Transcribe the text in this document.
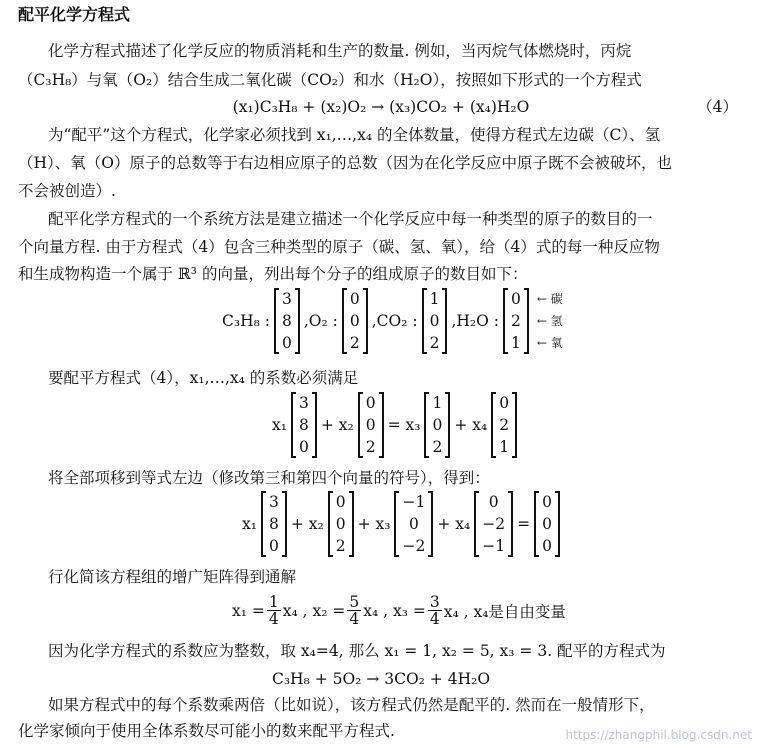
配平化学方程式
化学方程式描述了化学反应的物质消耗和生产的数量. 例如，当丙烷气体燃烧时，丙烷
（C₃H₈）与氧（O₂）结合生成二氧化碳（CO₂）和水（H₂O），按照如下形式的一个方程式
(x₁)C₃H₈ + (x₂)O₂ → (x₃)CO₂ + (x₄)H₂O	（4）
为“配平”这个方程式，化学家必须找到 x₁,…,x₄ 的全体数量，使得方程式左边碳（C）、氢
（H）、氧（O）原子的总数等于右边相应原子的总数（因为在化学反应中原子既不会被破坏，也
不会被创造）.
配平化学方程式的一个系统方法是建立描述一个化学反应中每一种类型的原子的数目的一
个向量方程. 由于方程式（4）包含三种类型的原子（碳、氢、氧），给（4）式的每一种反应物
和生成物构造一个属于 ℝ³ 的向量，列出每个分子的组成原子的数目如下：
C₃H₈ :
3
8
0
,O₂ :
0
0
2
,CO₂ :
1
0
2
,H₂O :
0
2
1
← 碳
← 氢
← 氧
要配平方程式（4），x₁,…,x₄ 的系数必须满足
x₁
3
8
0
+ x₂
0
0
2
= x₃
1
0
2
+ x₄
0
2
1
将全部项移到等式左边（修改第三和第四个向量的符号），得到：
x₁
3
8
0
+ x₂
0
0
2
+ x₃
−1
0
−2
+ x₄
0
−2
−1
=
0
0
0
行化简该方程组的增广矩阵得到通解
$x_1 = \frac{1}{4} x_4$ , $x_2 = \frac{5}{4} x_4$ , $x_3 = \frac{3}{4} x_4$ , x₄是自由变量
因为化学方程式的系数应为整数，取 x₄=4, 那么 x₁ = 1, x₂ = 5, x₃ = 3. 配平的方程式为
C₃H₈ + 5O₂ → 3CO₂ + 4H₂O
如果方程式中的每个系数乘两倍（比如说），该方程式仍然是配平的. 然而在一般情形下，
化学家倾向于使用全体系数尽可能小的数来配平方程式.	https://zhangphil.blog.csdn.net
